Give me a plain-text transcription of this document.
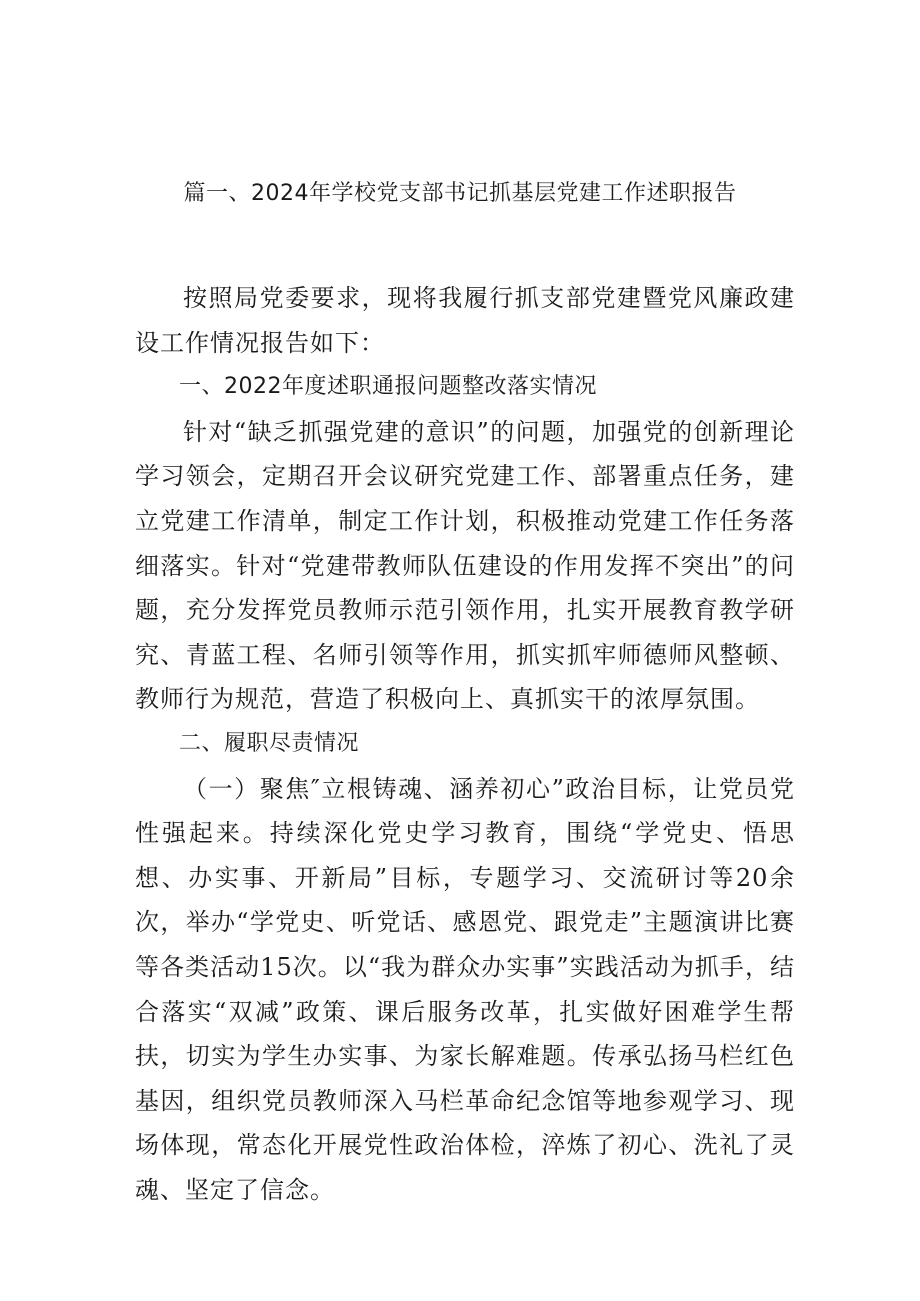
篇一、2024年学校党支部书记抓基层党建工作述职报告

按照局党委要求，现将我履行抓支部党建暨党风廉政建设工作情况报告如下：

一、2022年度述职通报问题整改落实情况

针对“缺乏抓强党建的意识”的问题，加强党的创新理论学习领会，定期召开会议研究党建工作、部署重点任务，建立党建工作清单，制定工作计划，积极推动党建工作任务落细落实。针对“党建带教师队伍建设的作用发挥不突出”的问题，充分发挥党员教师示范引领作用，扎实开展教育教学研究、青蓝工程、名师引领等作用，抓实抓牢师德师风整顿、教师行为规范，营造了积极向上、真抓实干的浓厚氛围。

二、履职尽责情况

（一）聚焦″立根铸魂、涵养初心”政治目标，让党员党性强起来。持续深化党史学习教育，围绕“学党史、悟思想、办实事、开新局”目标，专题学习、交流研讨等20余次，举办“学党史、听党话、感恩党、跟党走”主题演讲比赛等各类活动15次。以“我为群众办实事”实践活动为抓手，结合落实“双减”政策、课后服务改革，扎实做好困难学生帮扶，切实为学生办实事、为家长解难题。传承弘扬马栏红色基因，组织党员教师深入马栏革命纪念馆等地参观学习、现场体现，常态化开展党性政治体检，淬炼了初心、洗礼了灵魂、坚定了信念。
